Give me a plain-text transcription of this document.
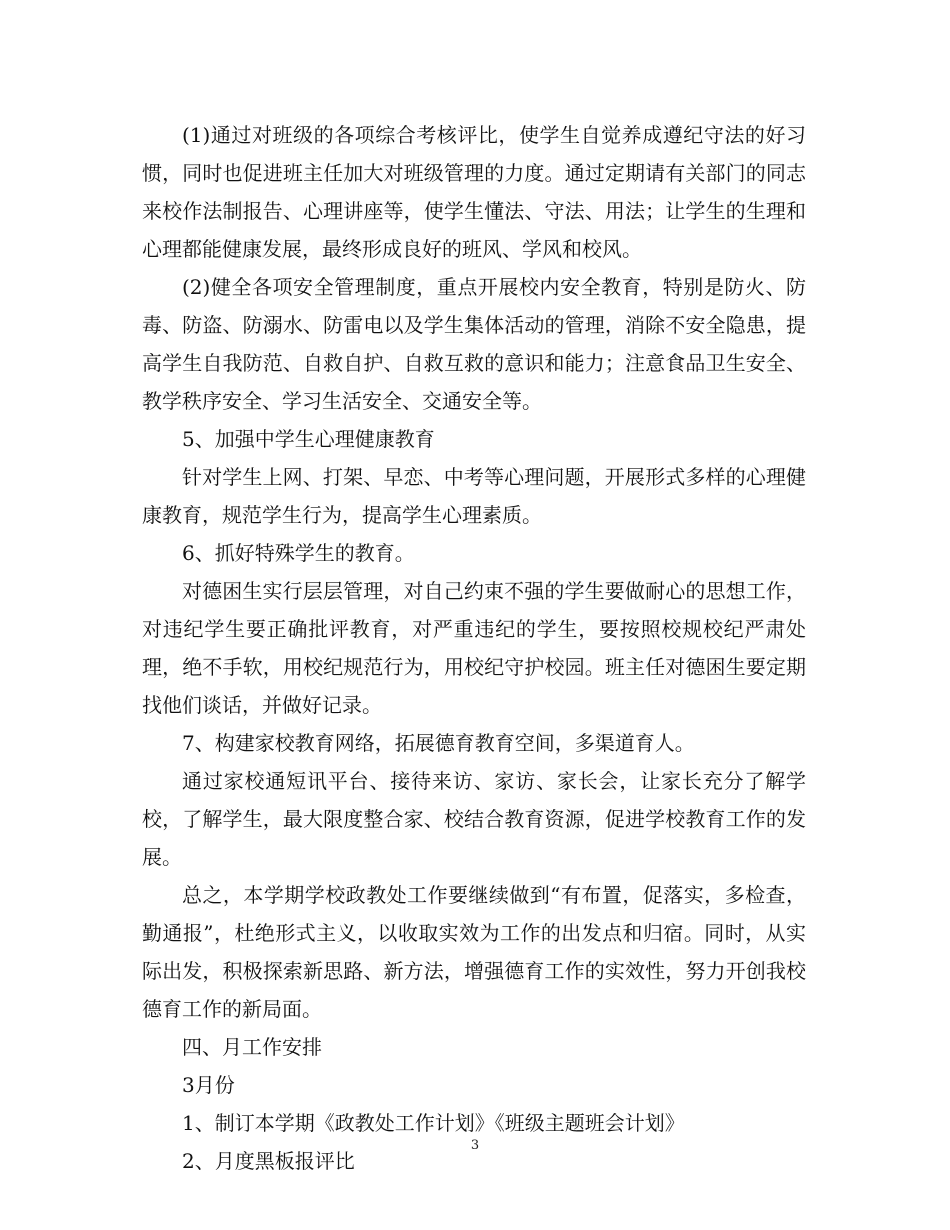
(1)通过对班级的各项综合考核评比，使学生自觉养成遵纪守法的好习惯，同时也促进班主任加大对班级管理的力度。通过定期请有关部门的同志来校作法制报告、心理讲座等，使学生懂法、守法、用法；让学生的生理和心理都能健康发展，最终形成良好的班风、学风和校风。

(2)健全各项安全管理制度，重点开展校内安全教育，特别是防火、防毒、防盗、防溺水、防雷电以及学生集体活动的管理，消除不安全隐患，提高学生自我防范、自救自护、自救互救的意识和能力；注意食品卫生安全、教学秩序安全、学习生活安全、交通安全等。

5、加强中学生心理健康教育

针对学生上网、打架、早恋、中考等心理问题，开展形式多样的心理健康教育，规范学生行为，提高学生心理素质。

6、抓好特殊学生的教育。

对德困生实行层层管理，对自己约束不强的学生要做耐心的思想工作，对违纪学生要正确批评教育，对严重违纪的学生，要按照校规校纪严肃处理，绝不手软，用校纪规范行为，用校纪守护校园。班主任对德困生要定期找他们谈话，并做好记录。

7、构建家校教育网络，拓展德育教育空间，多渠道育人。

通过家校通短讯平台、接待来访、家访、家长会，让家长充分了解学校，了解学生，最大限度整合家、校结合教育资源，促进学校教育工作的发展。

总之，本学期学校政教处工作要继续做到“有布置，促落实，多检查，勤通报”，杜绝形式主义，以收取实效为工作的出发点和归宿。同时，从实际出发，积极探索新思路、新方法，增强德育工作的实效性，努力开创我校德育工作的新局面。

四、月工作安排

3月份

1、制订本学期《政教处工作计划》《班级主题班会计划》

2、月度黑板报评比

3
